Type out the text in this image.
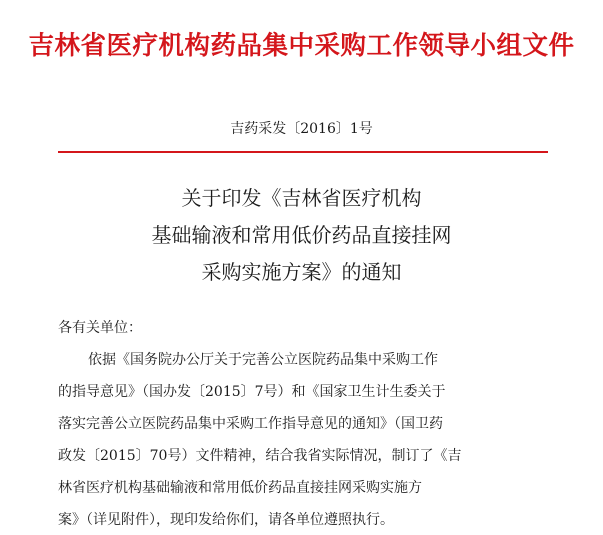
吉林省医疗机构药品集中采购工作领导小组文件
吉药采发〔2016〕1号
关于印发《吉林省医疗机构
基础输液和常用低价药品直接挂网
采购实施方案》的通知
各有关单位：
依据《国务院办公厅关于完善公立医院药品集中采购工作
的指导意见》（国办发〔2015〕7号）和《国家卫生计生委关于
落实完善公立医院药品集中采购工作指导意见的通知》（国卫药
政发〔2015〕70号）文件精神，结合我省实际情况，制订了《吉
林省医疗机构基础输液和常用低价药品直接挂网采购实施方
案》（详见附件），现印发给你们，请各单位遵照执行。
